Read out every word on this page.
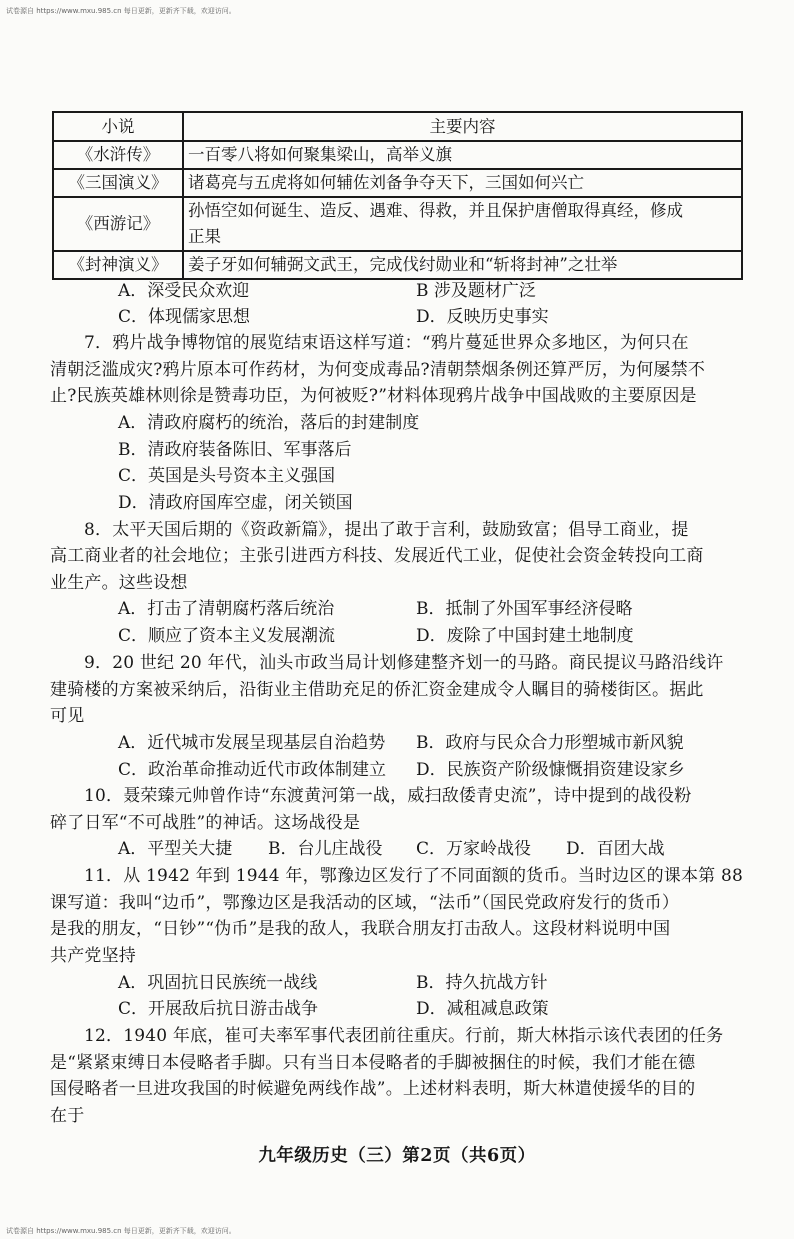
试卷源自 https://www.mxu.985.cn 每日更新，更新齐下载，欢迎访问。
小说	主要内容
《水浒传》	一百零八将如何聚集梁山，高举义旗
《三国演义》	诸葛亮与五虎将如何辅佐刘备争夺天下，三国如何兴亡
《西游记》	孙悟空如何诞生、造反、遇难、得救，并且保护唐僧取得真经，修成
正果

《封神演义》	姜子牙如何辅弼文武王，完成伐纣勋业和“斩将封神”之壮举
A．深受民众欢迎	B 涉及题材广泛
C．体现儒家思想	D．反映历史事实
7．鸦片战争博物馆的展览结束语这样写道：“鸦片蔓延世界众多地区，为何只在
清朝泛滥成灾?鸦片原本可作药材，为何变成毒品?清朝禁烟条例还算严厉，为何屡禁不
止?民族英雄林则徐是赞毒功臣，为何被贬?”材料体现鸦片战争中国战败的主要原因是
A．清政府腐朽的统治，落后的封建制度
B．清政府装备陈旧、军事落后
C．英国是头号资本主义强国
D．清政府国库空虚，闭关锁国
8．太平天国后期的《资政新篇》，提出了敢于言利，鼓励致富；倡导工商业，提
高工商业者的社会地位；主张引进西方科技、发展近代工业，促使社会资金转投向工商
业生产。这些设想
A．打击了清朝腐朽落后统治	B．抵制了外国军事经济侵略
C．顺应了资本主义发展潮流	D．废除了中国封建土地制度
9．20 世纪 20 年代，汕头市政当局计划修建整齐划一的马路。商民提议马路沿线许
建骑楼的方案被采纳后，沿街业主借助充足的侨汇资金建成令人瞩目的骑楼街区。据此
可见
A．近代城市发展呈现基层自治趋势 B．政府与民众合力形塑城市新风貌
C．政治革命推动近代市政体制建立 D．民族资产阶级慷慨捐资建设家乡
10．聂荣臻元帅曾作诗“东渡黄河第一战，威扫敌倭青史流”，诗中提到的战役粉
碎了日军“不可战胜”的神话。这场战役是
A．平型关大捷 B．台儿庄战役 C．万家岭战役 D．百团大战
11．从 1942 年到 1944 年，鄂豫边区发行了不同面额的货币。当时边区的课本第 88
课写道：我叫“边币”，鄂豫边区是我活动的区域，“法币”（国民党政府发行的货币）
是我的朋友，“日钞”“伪币”是我的敌人，我联合朋友打击敌人。这段材料说明中国
共产党坚持
A．巩固抗日民族统一战线	B．持久抗战方针
C．开展敌后抗日游击战争	D．减租减息政策
12．1940 年底，崔可夫率军事代表团前往重庆。行前，斯大林指示该代表团的任务
是“紧紧束缚日本侵略者手脚。只有当日本侵略者的手脚被捆住的时候，我们才能在德
国侵略者一旦进攻我国的时候避免两线作战”。上述材料表明，斯大林遣使援华的目的
在于
九年级历史（三）第2页（共6页）
试卷源自 https://www.mxu.985.cn 每日更新，更新齐下载，欢迎访问。
